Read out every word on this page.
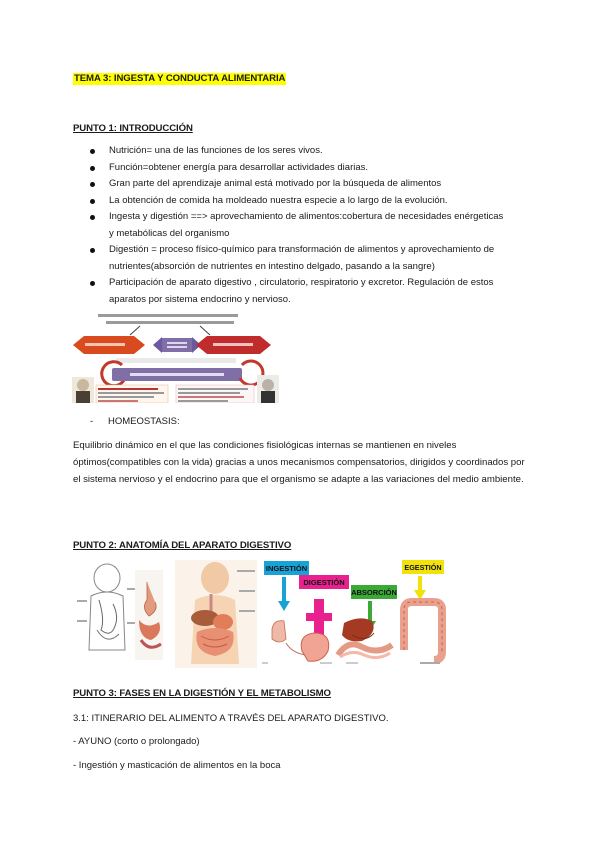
TEMA 3: INGESTA Y CONDUCTA ALIMENTARIA
PUNTO 1: INTRODUCCIÓN
Nutrición= una de las funciones de los seres vivos.
Función=obtener energía para desarrollar actividades diarias.
Gran parte del aprendizaje animal está motivado por la búsqueda de alimentos
La obtención de comida ha moldeado nuestra especie a lo largo de la evolución.
Ingesta y digestión ==> aprovechamiento de alimentos:cobertura de necesidades enérgeticas y metabólicas del organismo
Digestión = proceso físico-químico para transformación de alimentos y aprovechamiento de nutrientes(absorción de nutrientes en intestino delgado, pasando a la sangre)
Participación de aparato digestivo , circulatorio, respiratorio y excretor. Regulación de estos aparatos por sistema endocrino y nervioso.
- HOMEOSTASIS:
Equilibrio dinámico en el que las condiciones fisiológicas internas se mantienen en niveles óptimos(compatibles con la vida) gracias a unos mecanismos compensatorios, dirigidos y coordinados por el sistema nervioso y el endocrino para que el organismo se adapte a las variaciones del medio ambiente.
PUNTO 2: ANATOMÍA DEL APARATO DIGESTIVO
INGESTIÓN
DIGESTIÓN
ABSORCIÓN
EGESTIÓN
PUNTO 3: FASES EN LA DIGESTIÓN Y EL METABOLISMO
3.1: ITINERARIO DEL ALIMENTO A TRAVÉS DEL APARATO DIGESTIVO.
- AYUNO (corto o prolongado)
- Ingestión y masticación de alimentos en la boca
